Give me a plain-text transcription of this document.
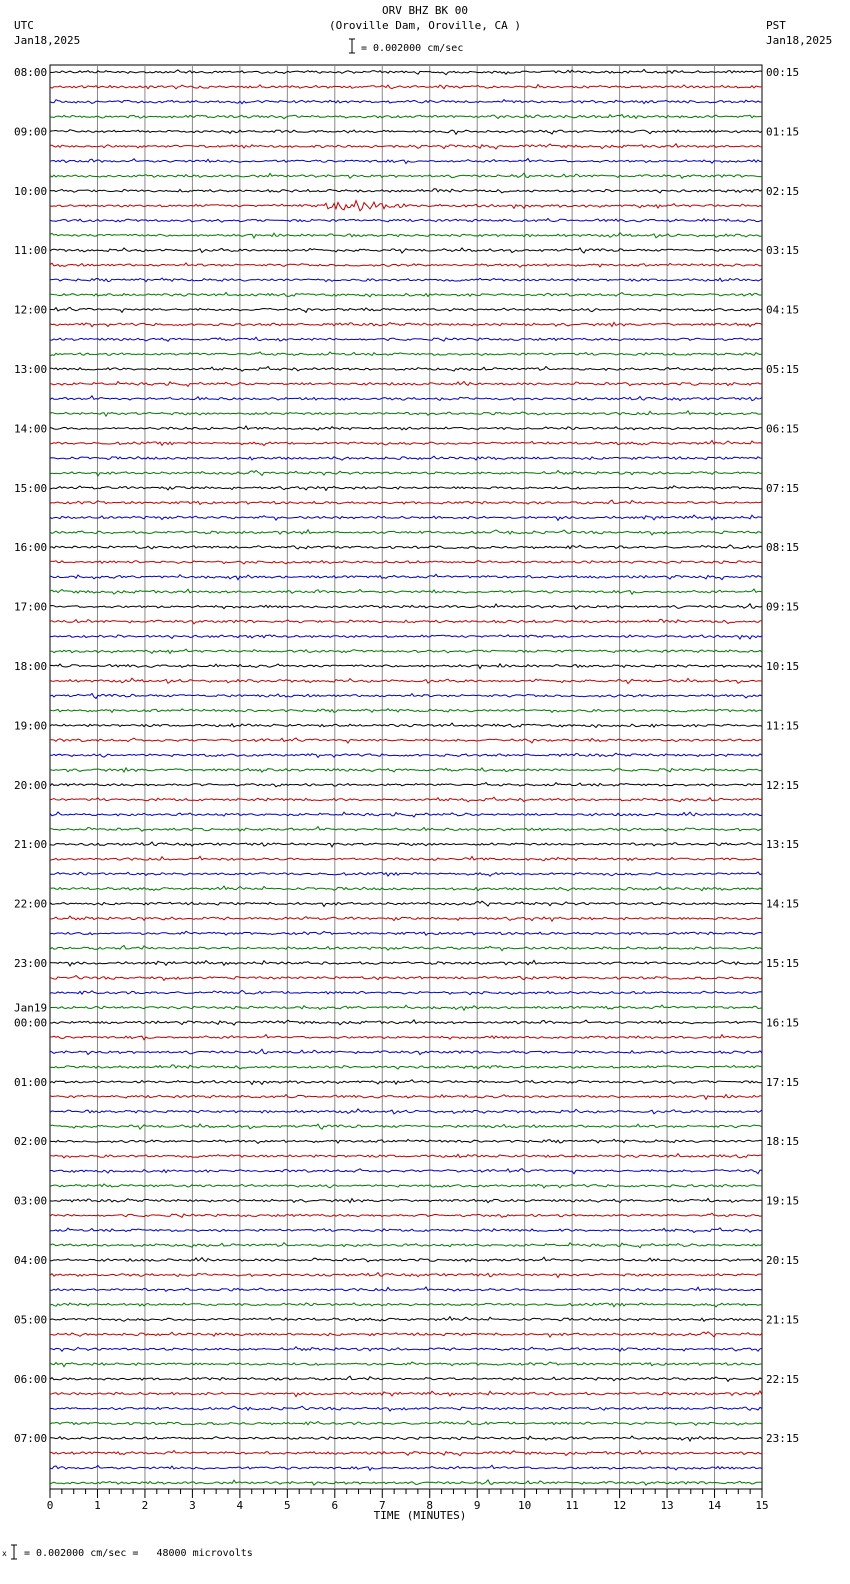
ORV BHZ BK 00
(Oroville Dam, Oroville, CA )
UTC
Jan18,2025
PST
Jan18,2025
= 0.002000 cm/sec
08:00	00:15
09:00	01:15
10:00	02:15
11:00	03:15
12:00	04:15
13:00	05:15
14:00	06:15
15:00	07:15
16:00	08:15
17:00	09:15
18:00	10:15
19:00	11:15
20:00	12:15
21:00	13:15
22:00	14:15
23:00	15:15
Jan19
00:00	16:15
01:00	17:15
02:00	18:15
03:00	19:15
04:00	20:15
05:00	21:15
06:00	22:15
07:00	23:15
0	1	2	3	4	5	6	7	8	9	10	11	12	13	14	15
TIME (MINUTES)
x = 0.002000 cm/sec =   48000 microvolts
